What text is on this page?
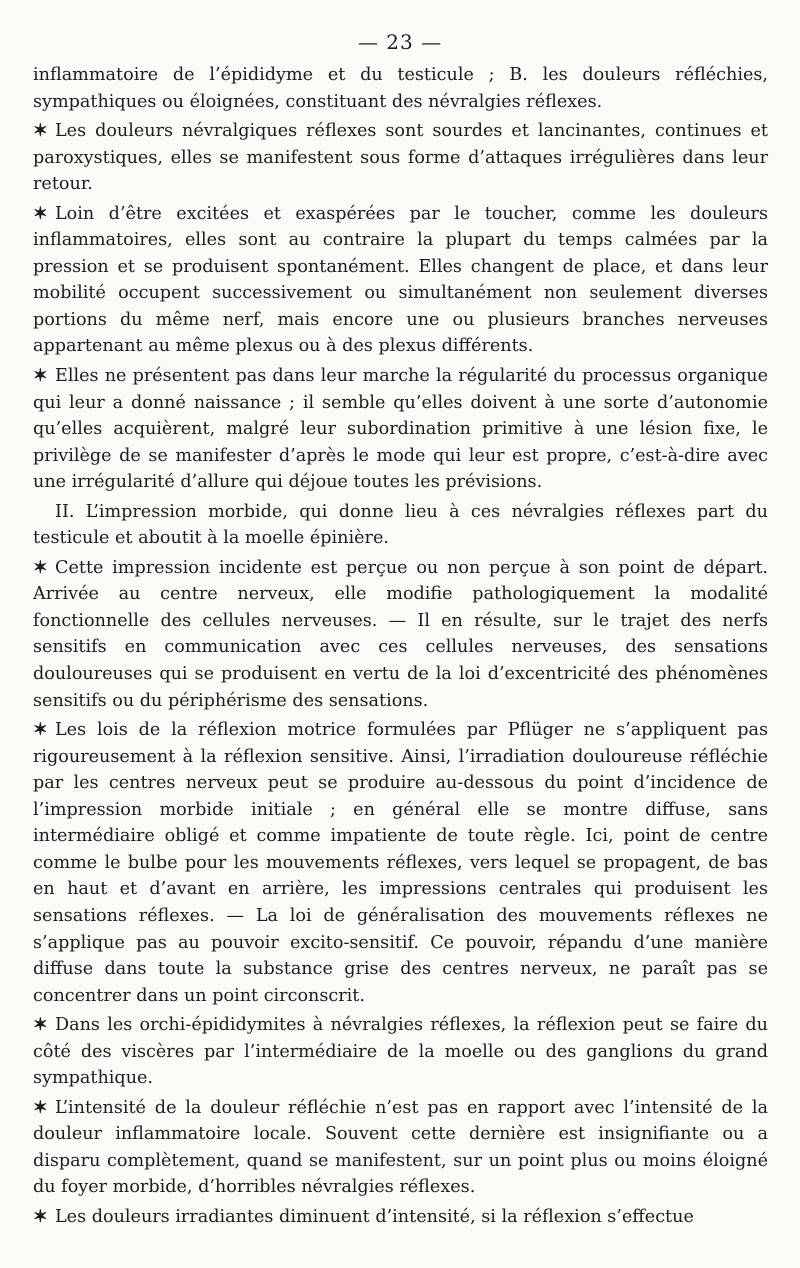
— 23 —

inflammatoire de l’épididyme et du testicule ; B. les douleurs réfléchies, sympathiques ou éloignées, constituant des névralgies réflexes.

✶ Les douleurs névralgiques réflexes sont sourdes et lancinantes, continues et paroxystiques, elles se manifestent sous forme d’attaques irrégulières dans leur retour.

✶ Loin d’être excitées et exaspérées par le toucher, comme les douleurs inflammatoires, elles sont au contraire la plupart du temps calmées par la pression et se produisent spontanément. Elles changent de place, et dans leur mobilité occupent successivement ou simultanément non seulement diverses portions du même nerf, mais encore une ou plusieurs branches nerveuses appartenant au même plexus ou à des plexus différents.

✶ Elles ne présentent pas dans leur marche la régularité du processus organique qui leur a donné naissance ; il semble qu’elles doivent à une sorte d’autonomie qu’elles acquièrent, malgré leur subordination primitive à une lésion fixe, le privilège de se manifester d’après le mode qui leur est propre, c’est-à-dire avec une irrégularité d’allure qui déjoue toutes les prévisions.

II. L’impression morbide, qui donne lieu à ces névralgies réflexes part du testicule et aboutit à la moelle épinière.

✶ Cette impression incidente est perçue ou non perçue à son point de départ. Arrivée au centre nerveux, elle modifie pathologiquement la modalité fonctionnelle des cellules nerveuses. — Il en résulte, sur le trajet des nerfs sensitifs en communication avec ces cellules nerveuses, des sensations douloureuses qui se produisent en vertu de la loi d’excentricité des phénomènes sensitifs ou du périphérisme des sensations.

✶ Les lois de la réflexion motrice formulées par Pflüger ne s’appliquent pas rigoureusement à la réflexion sensitive. Ainsi, l’irradiation douloureuse réfléchie par les centres nerveux peut se produire au-dessous du point d’incidence de l’impression morbide initiale ; en général elle se montre diffuse, sans intermédiaire obligé et comme impatiente de toute règle. Ici, point de centre comme le bulbe pour les mouvements réflexes, vers lequel se propagent, de bas en haut et d’avant en arrière, les impressions centrales qui produisent les sensations réflexes. — La loi de généralisation des mouvements réflexes ne s’applique pas au pouvoir excito-sensitif. Ce pouvoir, répandu d’une manière diffuse dans toute la substance grise des centres nerveux, ne paraît pas se concentrer dans un point circonscrit.

✶ Dans les orchi-épididymites à névralgies réflexes, la réflexion peut se faire du côté des viscères par l’intermédiaire de la moelle ou des ganglions du grand sympathique.

✶ L’intensité de la douleur réfléchie n’est pas en rapport avec l’intensité de la douleur inflammatoire locale. Souvent cette dernière est insignifiante ou a disparu complètement, quand se manifestent, sur un point plus ou moins éloigné du foyer morbide, d’horribles névralgies réflexes.

✶ Les douleurs irradiantes diminuent d’intensité, si la réflexion s’effectue
